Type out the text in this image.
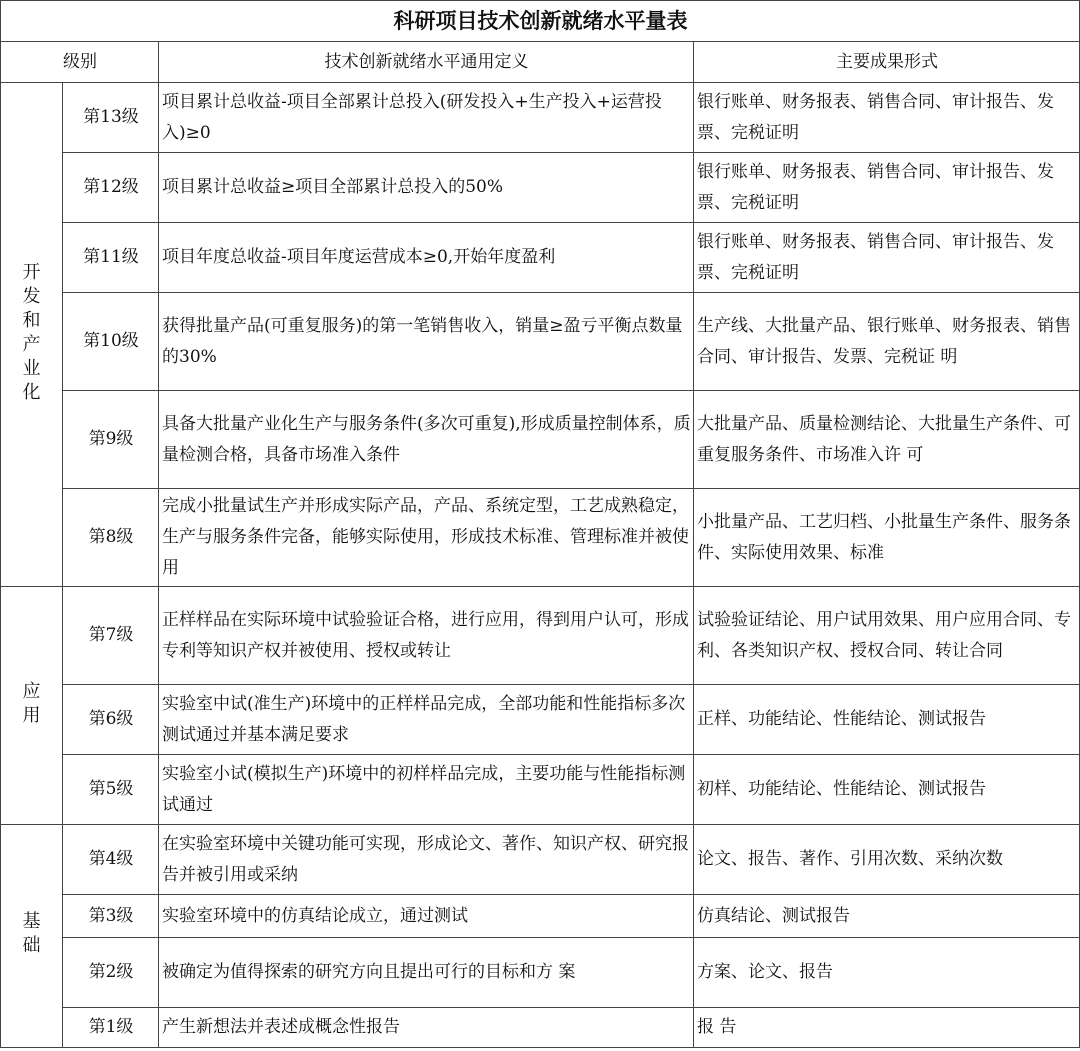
科研项目技术创新就绪水平量表			
级别		技术创新就绪水平通用定义	主要成果形式
开发和产业化	第13级	项目累计总收益-项目全部累计总投入(研发投入+生产投入+运营投入)≥0	银行账单、财务报表、销售合同、审计报告、发票、完税证明
	第12级	项目累计总收益≥项目全部累计总投入的50%	银行账单、财务报表、销售合同、审计报告、发票、完税证明
	第11级	项目年度总收益-项目年度运营成本≥0,开始年度盈利	银行账单、财务报表、销售合同、审计报告、发票、完税证明
	第10级	获得批量产品(可重复服务)的第一笔销售收入，销量≥盈亏平衡点数量的30%	生产线、大批量产品、银行账单、财务报表、销售合同、审计报告、发票、完税证 明
	第9级	具备大批量产业化生产与服务条件(多次可重复),形成质量控制体系，质量检测合格，具备市场准入条件	大批量产品、质量检测结论、大批量生产条件、可重复服务条件、市场准入许 可
	第8级	完成小批量试生产并形成实际产品，产品、系统定型，工艺成熟稳定，生产与服务条件完备，能够实际使用，形成技术标准、管理标准并被使用	小批量产品、工艺归档、小批量生产条件、服务条件、实际使用效果、标准
应用	第7级	正样样品在实际环境中试验验证合格，进行应用，得到用户认可，形成专利等知识产权并被使用、授权或转让	试验验证结论、用户试用效果、用户应用合同、专利、各类知识产权、授权合同、转让合同
	第6级	实验室中试(准生产)环境中的正样样品完成，全部功能和性能指标多次测试通过并基本满足要求	正样、功能结论、性能结论、测试报告
	第5级	实验室小试(模拟生产)环境中的初样样品完成，主要功能与性能指标测试通过	初样、功能结论、性能结论、测试报告
基础	第4级	在实验室环境中关键功能可实现，形成论文、著作、知识产权、研究报告并被引用或采纳	论文、报告、著作、引用次数、采纳次数
	第3级	实验室环境中的仿真结论成立，通过测试	仿真结论、测试报告
	第2级	被确定为值得探索的研究方向且提出可行的目标和方 案	方案、论文、报告
	第1级	产生新想法并表述成概念性报告	报 告
